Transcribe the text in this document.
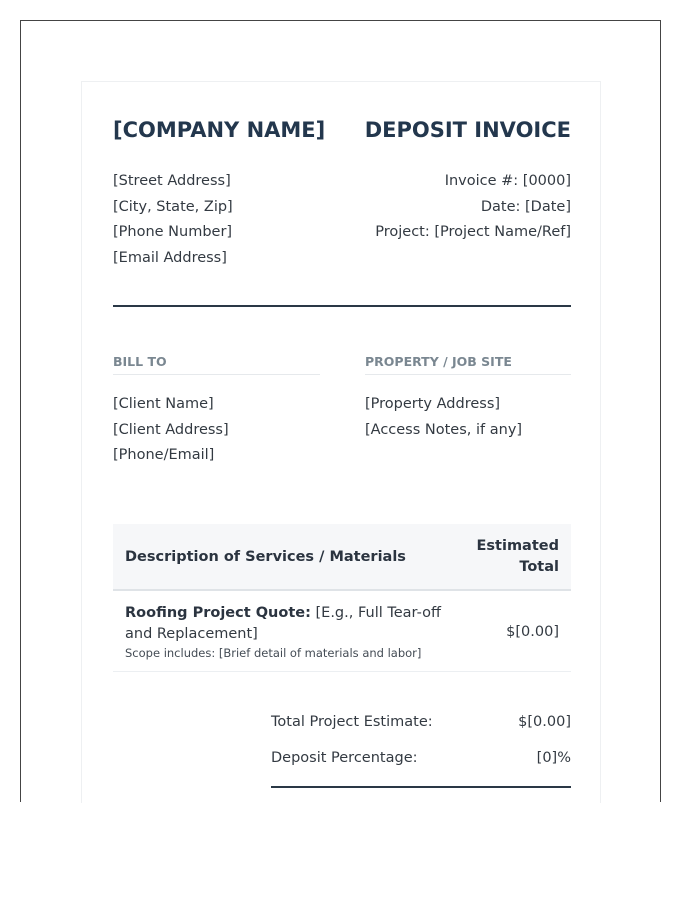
[COMPANY NAME] DEPOSIT INVOICE
[Street Address]
[City, State, Zip]
[Phone Number]
[Email Address]
Invoice #: [0000]
Date: [Date]
Project: [Project Name/Ref]
BILL TO	PROPERTY / JOB SITE
[Client Name]
[Client Address]
[Phone/Email]
[Property Address]
[Access Notes, if any]
Description of Services / Materials	Estimated
Total

Roofing Project Quote: [E.g., Full Tear-off and Replacement]
Scope includes: [Brief detail of materials and labor]	$[0.00]
Total Project Estimate:	$[0.00]
Deposit Percentage:	[0]%
